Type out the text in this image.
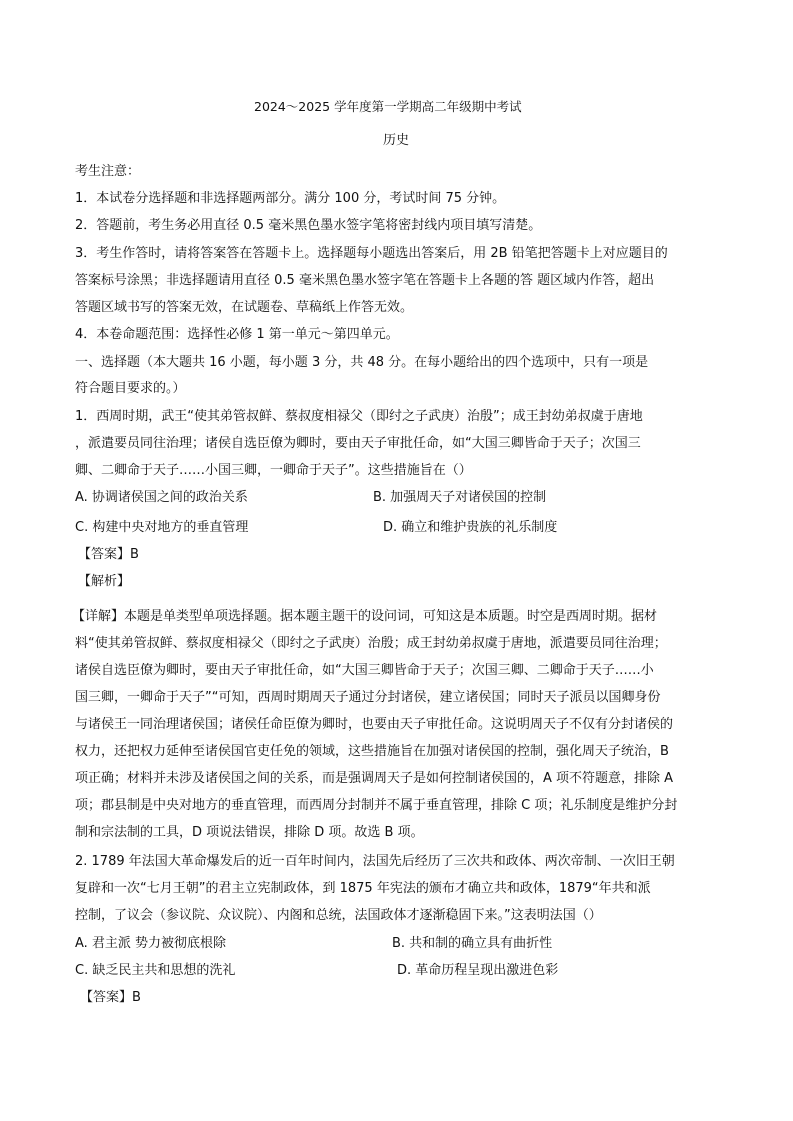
2024～2025 学年度第一学期高二年级期中考试
历史
考生注意：
1．本试卷分选择题和非选择题两部分。满分 100 分，考试时间 75 分钟。
2．答题前，考生务必用直径 0.5 毫米黑色墨水签字笔将密封线内项目填写清楚。
3．考生作答时，请将答案答在答题卡上。选择题每小题选出答案后，用 2B 铅笔把答题卡上对应题目的
答案标号涂黑；非选择题请用直径 0.5 毫米黑色墨水签字笔在答题卡上各题的答 题区域内作答，超出
答题区域书写的答案无效，在试题卷、草稿纸上作答无效。
4．本卷命题范围：选择性必修 1 第一单元～第四单元。
一、选择题（本大题共 16 小题，每小题 3 分，共 48 分。在每小题给出的四个选项中，只有一项是
符合题目要求的。）
1．西周时期，武王“使其弟管叔鲜、蔡叔度相禄父（即纣之子武庚）治殷”；成王封幼弟叔虞于唐地
，派遣要员同往治理；诸侯自选臣僚为卿时，要由天子审批任命，如“大国三卿皆命于天子；次国三
卿、二卿命于天子……小国三卿，一卿命于天子”。这些措施旨在（）
A. 协调诸侯国之间的政治关系	B. 加强周天子对诸侯国的控制
C. 构建中央对地方的垂直管理	D. 确立和维护贵族的礼乐制度
【答案】B
【解析】
【详解】本题是单类型单项选择题。据本题主题干的设问词，可知这是本质题。时空是西周时期。据材
料“使其弟管叔鲜、蔡叔度相禄父（即纣之子武庚）治殷；成王封幼弟叔虞于唐地，派遣要员同往治理；
诸侯自选臣僚为卿时，要由天子审批任命，如“大国三卿皆命于天子；次国三卿、二卿命于天子……小
国三卿，一卿命于天子”“可知，西周时期周天子通过分封诸侯，建立诸侯国；同时天子派员以国卿身份
与诸侯王一同治理诸侯国；诸侯任命臣僚为卿时，也要由天子审批任命。这说明周天子不仅有分封诸侯的
权力，还把权力延伸至诸侯国官吏任免的领域，这些措施旨在加强对诸侯国的控制，强化周天子统治，B
项正确；材料并未涉及诸侯国之间的关系，而是强调周天子是如何控制诸侯国的，A 项不符题意，排除 A
项；郡县制是中央对地方的垂直管理，而西周分封制并不属于垂直管理，排除 C 项；礼乐制度是维护分封
制和宗法制的工具，D 项说法错误，排除 D 项。故选 B 项。
2. 1789 年法国大革命爆发后的近一百年时间内，法国先后经历了三次共和政体、两次帝制、一次旧王朝
复辟和一次“七月王朝”的君主立宪制政体，到 1875 年宪法的颁布才确立共和政体，1879“年共和派
控制，了议会（参议院、众议院）、内阁和总统，法国政体才逐渐稳固下来。”这表明法国（）
A. 君主派 势力被彻底根除	B. 共和制的确立具有曲折性
C. 缺乏民主共和思想的洗礼	D. 革命历程呈现出激进色彩
【答案】B
